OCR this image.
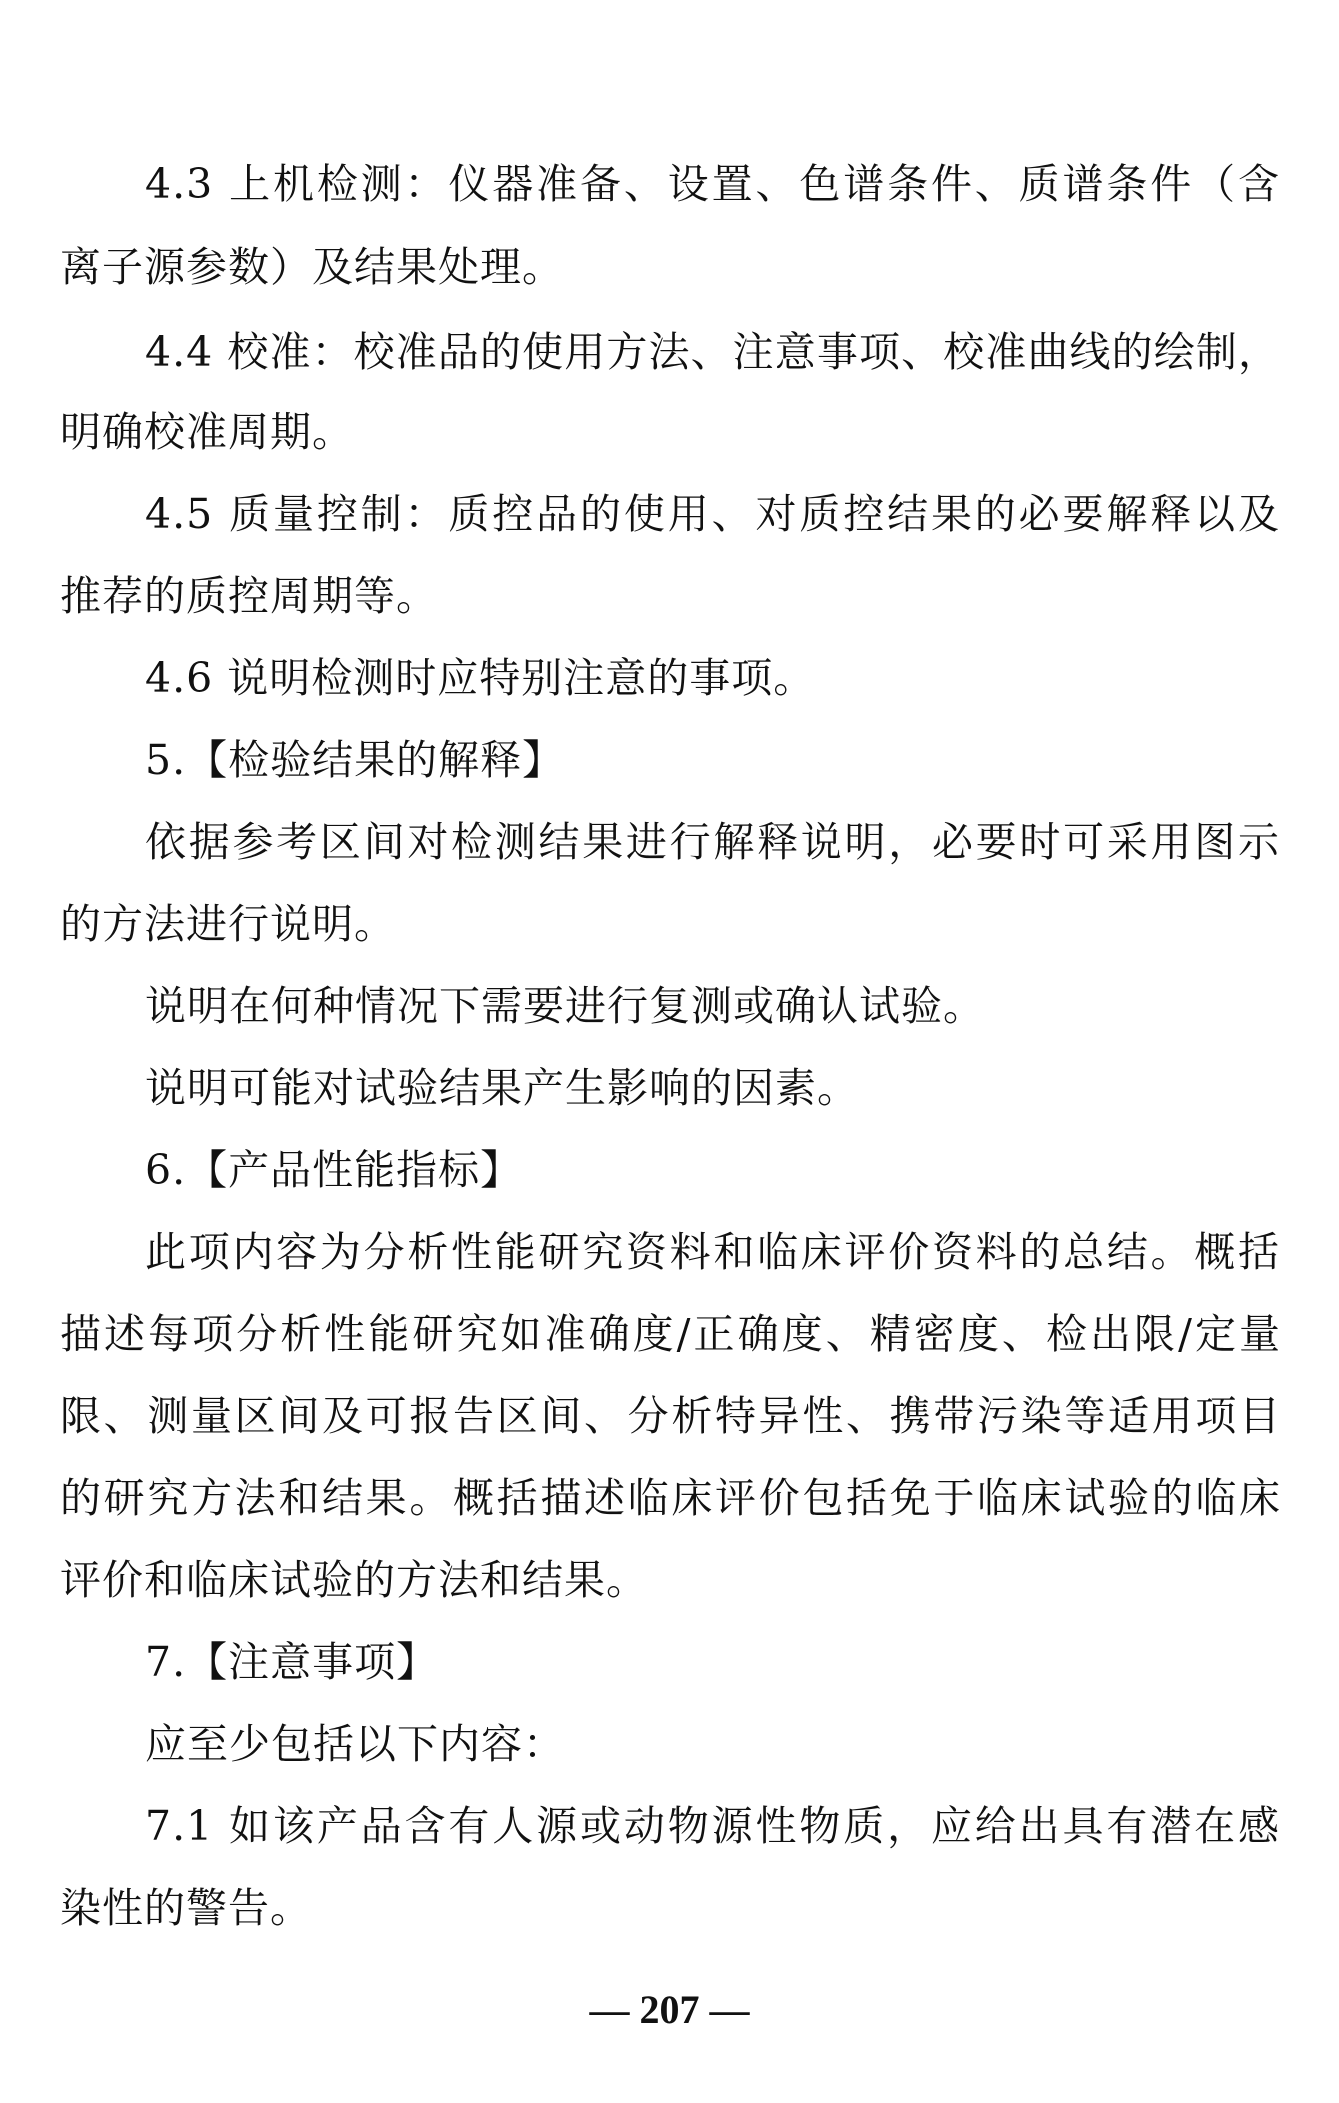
4.3 上机检测：仪器准备、设置、色谱条件、质谱条件（含
离子源参数）及结果处理。
4.4 校准：校准品的使用方法、注意事项、校准曲线的绘制，
明确校准周期。
4.5 质量控制：质控品的使用、对质控结果的必要解释以及
推荐的质控周期等。
4.6 说明检测时应特别注意的事项。
5.【检验结果的解释】
依据参考区间对检测结果进行解释说明，必要时可采用图示
的方法进行说明。
说明在何种情况下需要进行复测或确认试验。
说明可能对试验结果产生影响的因素。
6.【产品性能指标】
此项内容为分析性能研究资料和临床评价资料的总结。概括
描述每项分析性能研究如准确度/正确度、精密度、检出限/定量
限、测量区间及可报告区间、分析特异性、携带污染等适用项目
的研究方法和结果。概括描述临床评价包括免于临床试验的临床
评价和临床试验的方法和结果。
7.【注意事项】
应至少包括以下内容：
7.1 如该产品含有人源或动物源性物质，应给出具有潜在感
染性的警告。
— 207 —
